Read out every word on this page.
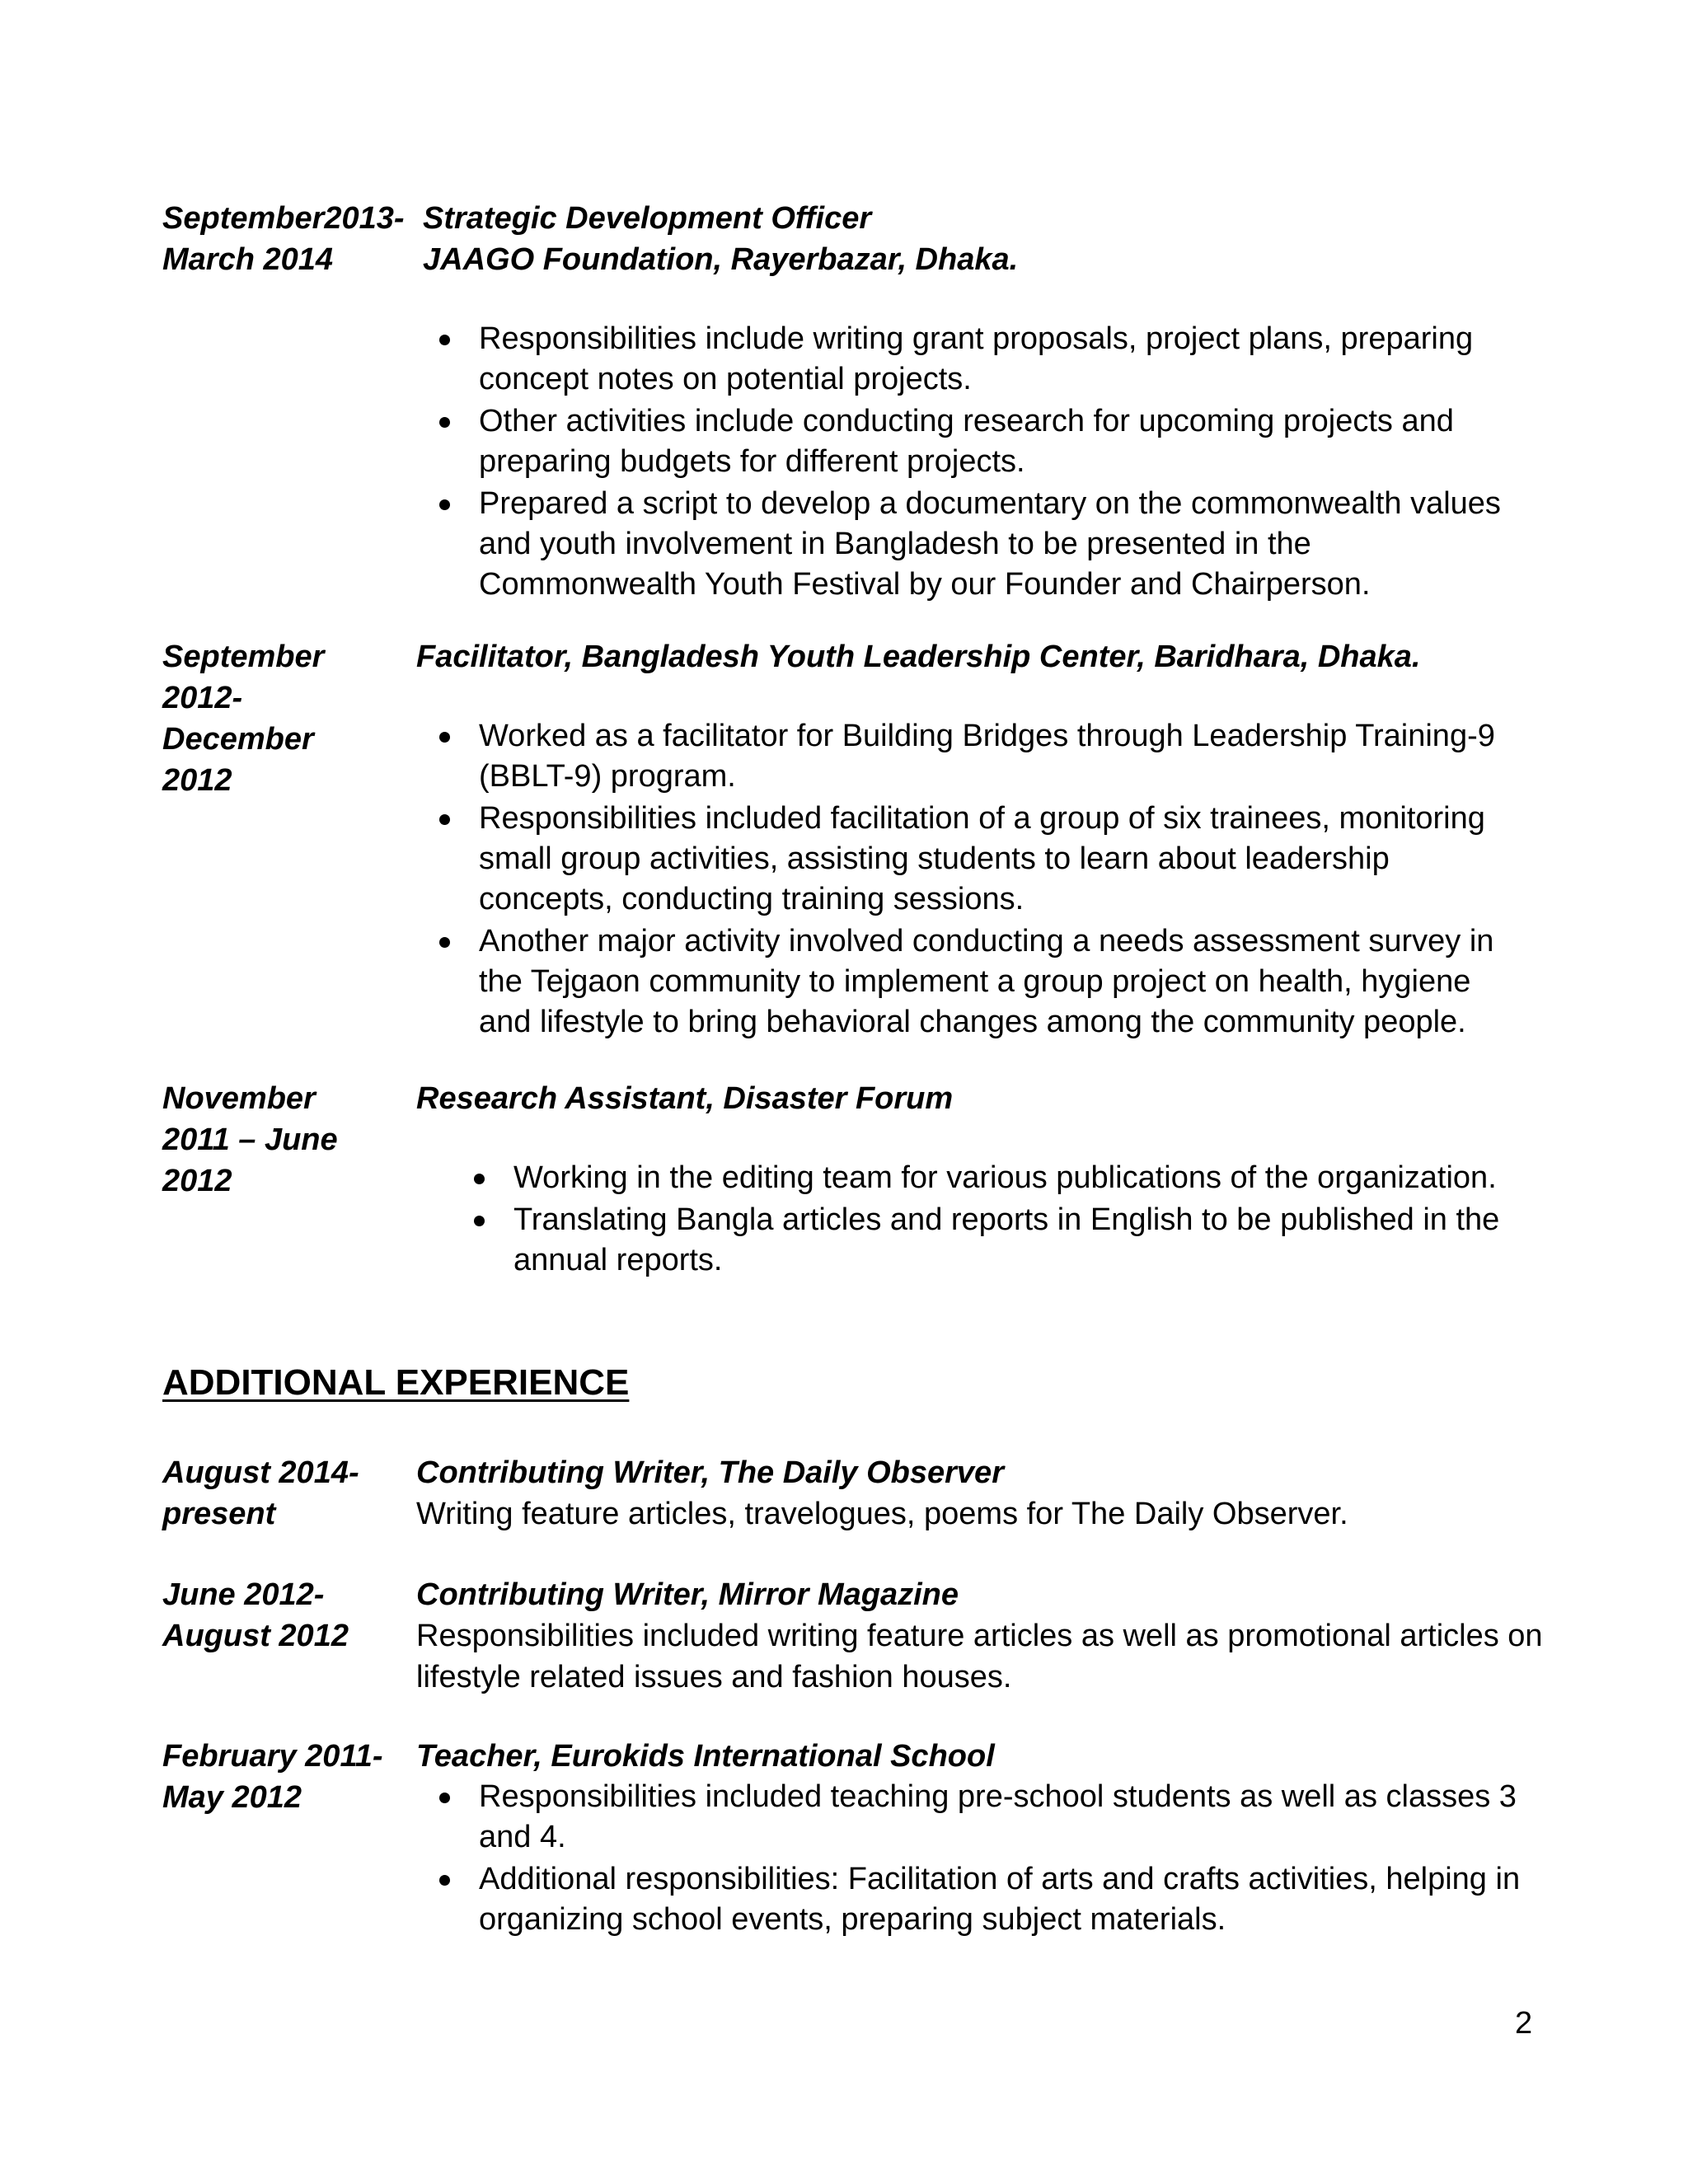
September2013- March 2014
Strategic Development Officer
JAAGO Foundation, Rayerbazar, Dhaka.
Responsibilities include writing grant proposals, project plans, preparing concept notes on potential projects.
Other activities include conducting research for upcoming projects and preparing budgets for different projects.
Prepared a script to develop a documentary on the commonwealth values and youth involvement in Bangladesh to be presented in the Commonwealth Youth Festival by our Founder and Chairperson.
September 2012-December 2012
Facilitator, Bangladesh Youth Leadership Center, Baridhara, Dhaka.
Worked as a facilitator for Building Bridges through Leadership Training-9 (BBLT-9) program.
Responsibilities included facilitation of a group of six trainees, monitoring small group activities, assisting students to learn about leadership concepts, conducting training sessions.
Another major activity involved conducting a needs assessment survey in the Tejgaon community to implement a group project on health, hygiene and lifestyle to bring behavioral changes among the community people.
November 2011 – June 2012
Research Assistant, Disaster Forum
Working in the editing team for various publications of the organization.
Translating Bangla articles and reports in English to be published in the annual reports.
ADDITIONAL EXPERIENCE
August 2014- present
Contributing Writer, The Daily Observer
Writing feature articles, travelogues, poems for The Daily Observer.
June 2012- August 2012
Contributing Writer, Mirror Magazine
Responsibilities included writing feature articles as well as promotional articles on lifestyle related issues and fashion houses.
February 2011- May 2012
Teacher, Eurokids International School
Responsibilities included teaching pre-school students as well as classes 3 and 4.
Additional responsibilities: Facilitation of arts and crafts activities, helping in organizing school events, preparing subject materials.
2
